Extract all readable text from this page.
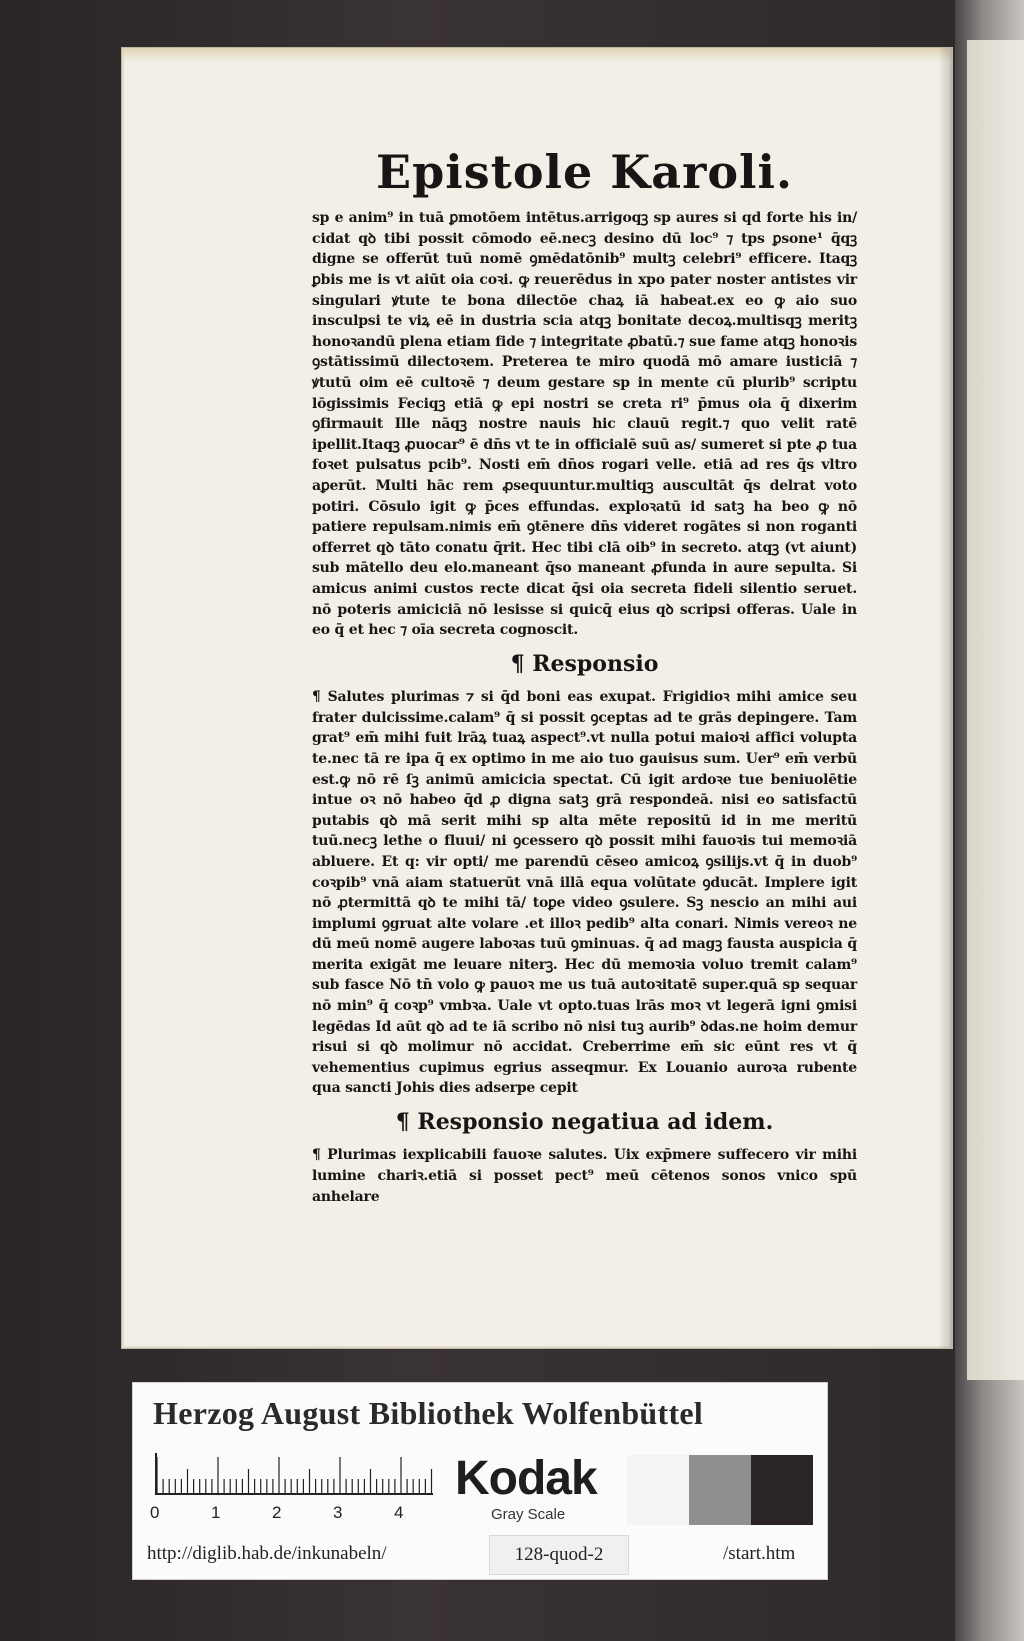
Epistole Karoli.

sp e anim⁹ in tuā ꝑmotōem intētus.arrigoqꝫ sp aures si qd forte his in/ cidat qꝺ tibi possit cōmodo eē.necꝫ desino dū loc⁹ ⁊ tps ꝑsone¹ q̄qꝫ digne se offerūt tuū nomē ꝯmēdatōnib⁹ multꝫ celebri⁹ efficere. Itaqꝫ ꝑbis me is vt aiūt oia coꝛi. ꝙ reuerēdus in xpo pater noster antistes vir singulari ꝟtute te bona dilectōe chaꝝ iā habeat.ex eo ꝙ aio suo insculpsi te viꝝ eē in dustria scia atqꝫ bonitate decoꝝ.multisqꝫ meritꝫ honoꝛandū plena etiam fide ⁊ integritate ꝓbatū.⁊ sue fame atqꝫ honoꝛis ꝯstātissimū dilectoꝛem. Preterea te miro quodā mō amare iusticiā ⁊ ꝟtutū oim eē cultoꝛē ⁊ deum gestare sp in mente cū plurib⁹ scriptu lōgissimis Feciqꝫ etiā ꝙ epi nostri se creta ri⁹ p̄mus oia q̄ dixerim ꝯfirmauit Ille nāqꝫ nostre nauis hic clauū regit.⁊ quo velit ratē ipellit.Itaqꝫ ꝓuocar⁹ ē dn̄s vt te in officialē suū as/ sumeret si pte ꝓ tua foꝛet pulsatus pcib⁹. Nosti em̄ dn̄os rogari velle. etiā ad res q̄s vltro aꝑerūt. Multi hāc rem ꝓsequuntur.multiqꝫ auscultāt q̄s delrat voto potiri. Cōsulo igit ꝙ p̄ces effundas. exploꝛatū id satꝫ ha beo ꝙ nō patiere repulsam.nimis em̄ ꝯtēnere dn̄s videret rogātes si non roganti offerret qꝺ tāto conatu q̄rit. Hec tibi clā oib⁹ in secreto. atqꝫ (vt aiunt) sub mātello deu elo.maneant q̄so maneant ꝓfunda in aure sepulta. Si amicus animi custos recte dicat q̄si oia secreta fideli silentio seruet. nō poteris amiciciā nō lesisse si quicq̄ eius qꝺ scripsi offeras. Uale in eo q̄ et hec ⁊ oīa secreta cognoscit.

¶ Responsio

¶ Salutes plurimas ⁊ si q̄d boni eas exupat. Frigidioꝛ mihi amice seu frater dulcissime.calam⁹ q̄ si possit ꝯceptas ad te grās depingere. Tam grat⁹ em̄ mihi fuit lrāꝝ tuaꝝ aspect⁹.vt nulla potui maioꝛi affici volupta te.nec tā re ipa q̄ ex optimo in me aio tuo gauisus sum. Uer⁹ em̄ verbū est.ꝙ nō rē ſꝫ animū amicicia spectat. Cū igit ardoꝛe tue beniuolētie intue oꝛ nō habeo q̄d ꝓ digna satꝫ grā respondeā. nisi eo satisfactū putabis qꝺ mā serit mihi sp alta mēte repositū id in me meritū tuū.necꝫ lethe o fluui/ ni ꝯcessero qꝺ possit mihi fauoꝛis tui memoꝛiā abluere. Et q: vir opti/ me parendū cēseo amicoꝝ ꝯsilijs.vt q̄ in duob⁹ coꝛpib⁹ vnā aiam statuerūt vnā illā equa volūtate ꝯducāt. Implere igit nō ꝓtermittā qꝺ te mihi tā/ toꝑe video ꝯsulere. Sꝫ nescio an mihi aui implumi ꝯgruat alte volare .et illoꝛ pedib⁹ alta conari. Nimis vereoꝛ ne dū meū nomē augere laboꝛas tuū ꝯminuas. q̄ ad magꝫ fausta auspicia q̄ merita exigāt me leuare niterꝫ. Hec dū memoꝛia voluo tremit calam⁹ sub fasce Nō tn̄ volo ꝙ pauoꝛ me us tuā autoꝛitatē super.quā sp sequar nō min⁹ q̄ coꝛp⁹ vmbꝛa. Uale vt opto.tuas lrās moꝛ vt legerā igni ꝯmisi legēdas Id aūt qꝺ ad te iā scribo nō nisi tuꝫ aurib⁹ ꝺdas.ne hoim demur risui si qꝺ molimur nō accidat. Creberrime em̄ sic eūnt res vt q̄ vehementius cupimus egrius asseqmur. Ex Louanio auroꝛa rubente qua sancti Johis dies adserpe cepit

¶ Responsio negatiua ad idem.

¶ Plurimas iexplicabili fauoꝛe salutes. Uix exp̄mere suffecero vir mihi lumine chariꝛ.etiā si posset pect⁹ meū cētenos sonos vnico spū anhelare

Herzog August Bibliothek Wolfenbüttel
0	1	2	3	4
Kodak
Gray Scale
http://diglib.hab.de/inkunabeln/	128-quod-2	/start.htm
